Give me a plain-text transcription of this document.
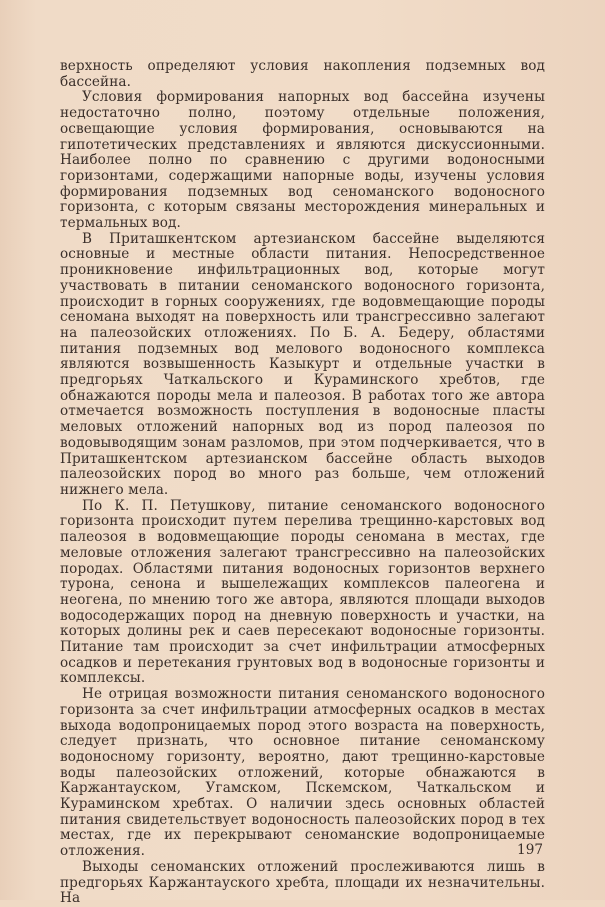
верхность определяют условия накопления подземных вод бассейна.

Условия формирования напорных вод бассейна изучены недостаточно полно, поэтому отдельные положения, освещающие условия формирования, основываются на гипотетических представлениях и являются дискуссионными. Наиболее полно по сравнению с другими водоносными горизонтами, содержащими напорные воды, изучены условия формирования подземных вод сеноманского водоносного горизонта, с которым связаны месторождения минеральных и термальных вод.

В Приташкентском артезианском бассейне выделяются основные и местные области питания. Непосредственное проникновение инфильтрационных вод, которые могут участвовать в питании сеноманского водоносного горизонта, происходит в горных сооружениях, где водовмещающие породы сеномана выходят на поверхность или трансгрессивно залегают на палеозойских отложениях. По Б. А. Бедеру, областями питания подземных вод мелового водоносного комплекса являются возвышенность Казыкурт и отдельные участки в предгорьях Чаткальского и Кураминского хребтов, где обнажаются породы мела и палеозоя. В работах того же автора отмечается возможность поступления в водоносные пласты меловых отложений напорных вод из пород палеозоя по водовыводящим зонам разломов, при этом подчеркивается, что в Приташкентском артезианском бассейне область выходов палеозойских пород во много раз больше, чем отложений нижнего мела.

По К. П. Петушкову, питание сеноманского водоносного горизонта происходит путем перелива трещинно-карстовых вод палеозоя в водовмещающие породы сеномана в местах, где меловые отложения залегают трансгрессивно на палеозойских породах. Областями питания водоносных горизонтов верхнего турона, сенона и вышележащих комплексов палеогена и неогена, по мнению того же автора, являются площади выходов водосодержащих пород на дневную поверхность и участки, на которых долины рек и саев пересекают водоносные горизонты. Питание там происходит за счет инфильтрации атмосферных осадков и перетекания грунтовых вод в водоносные горизонты и комплексы.

Не отрицая возможности питания сеноманского водоносного горизонта за счет инфильтрации атмосферных осадков в местах выхода водопроницаемых пород этого возраста на поверхность, следует признать, что основное питание сеноманскому водоносному горизонту, вероятно, дают трещинно-карстовые воды палеозойских отложений, которые обнажаются в Каржантауском, Угамском, Пскемском, Чаткальском и Кураминском хребтах. О наличии здесь основных областей питания свидетельствует водоносность палеозойских пород в тех местах, где их перекрывают сеноманские водопроницаемые отложения.

Выходы сеноманских отложений прослеживаются лишь в предгорьях Каржантауского хребта, площади их незначительны. На

197
